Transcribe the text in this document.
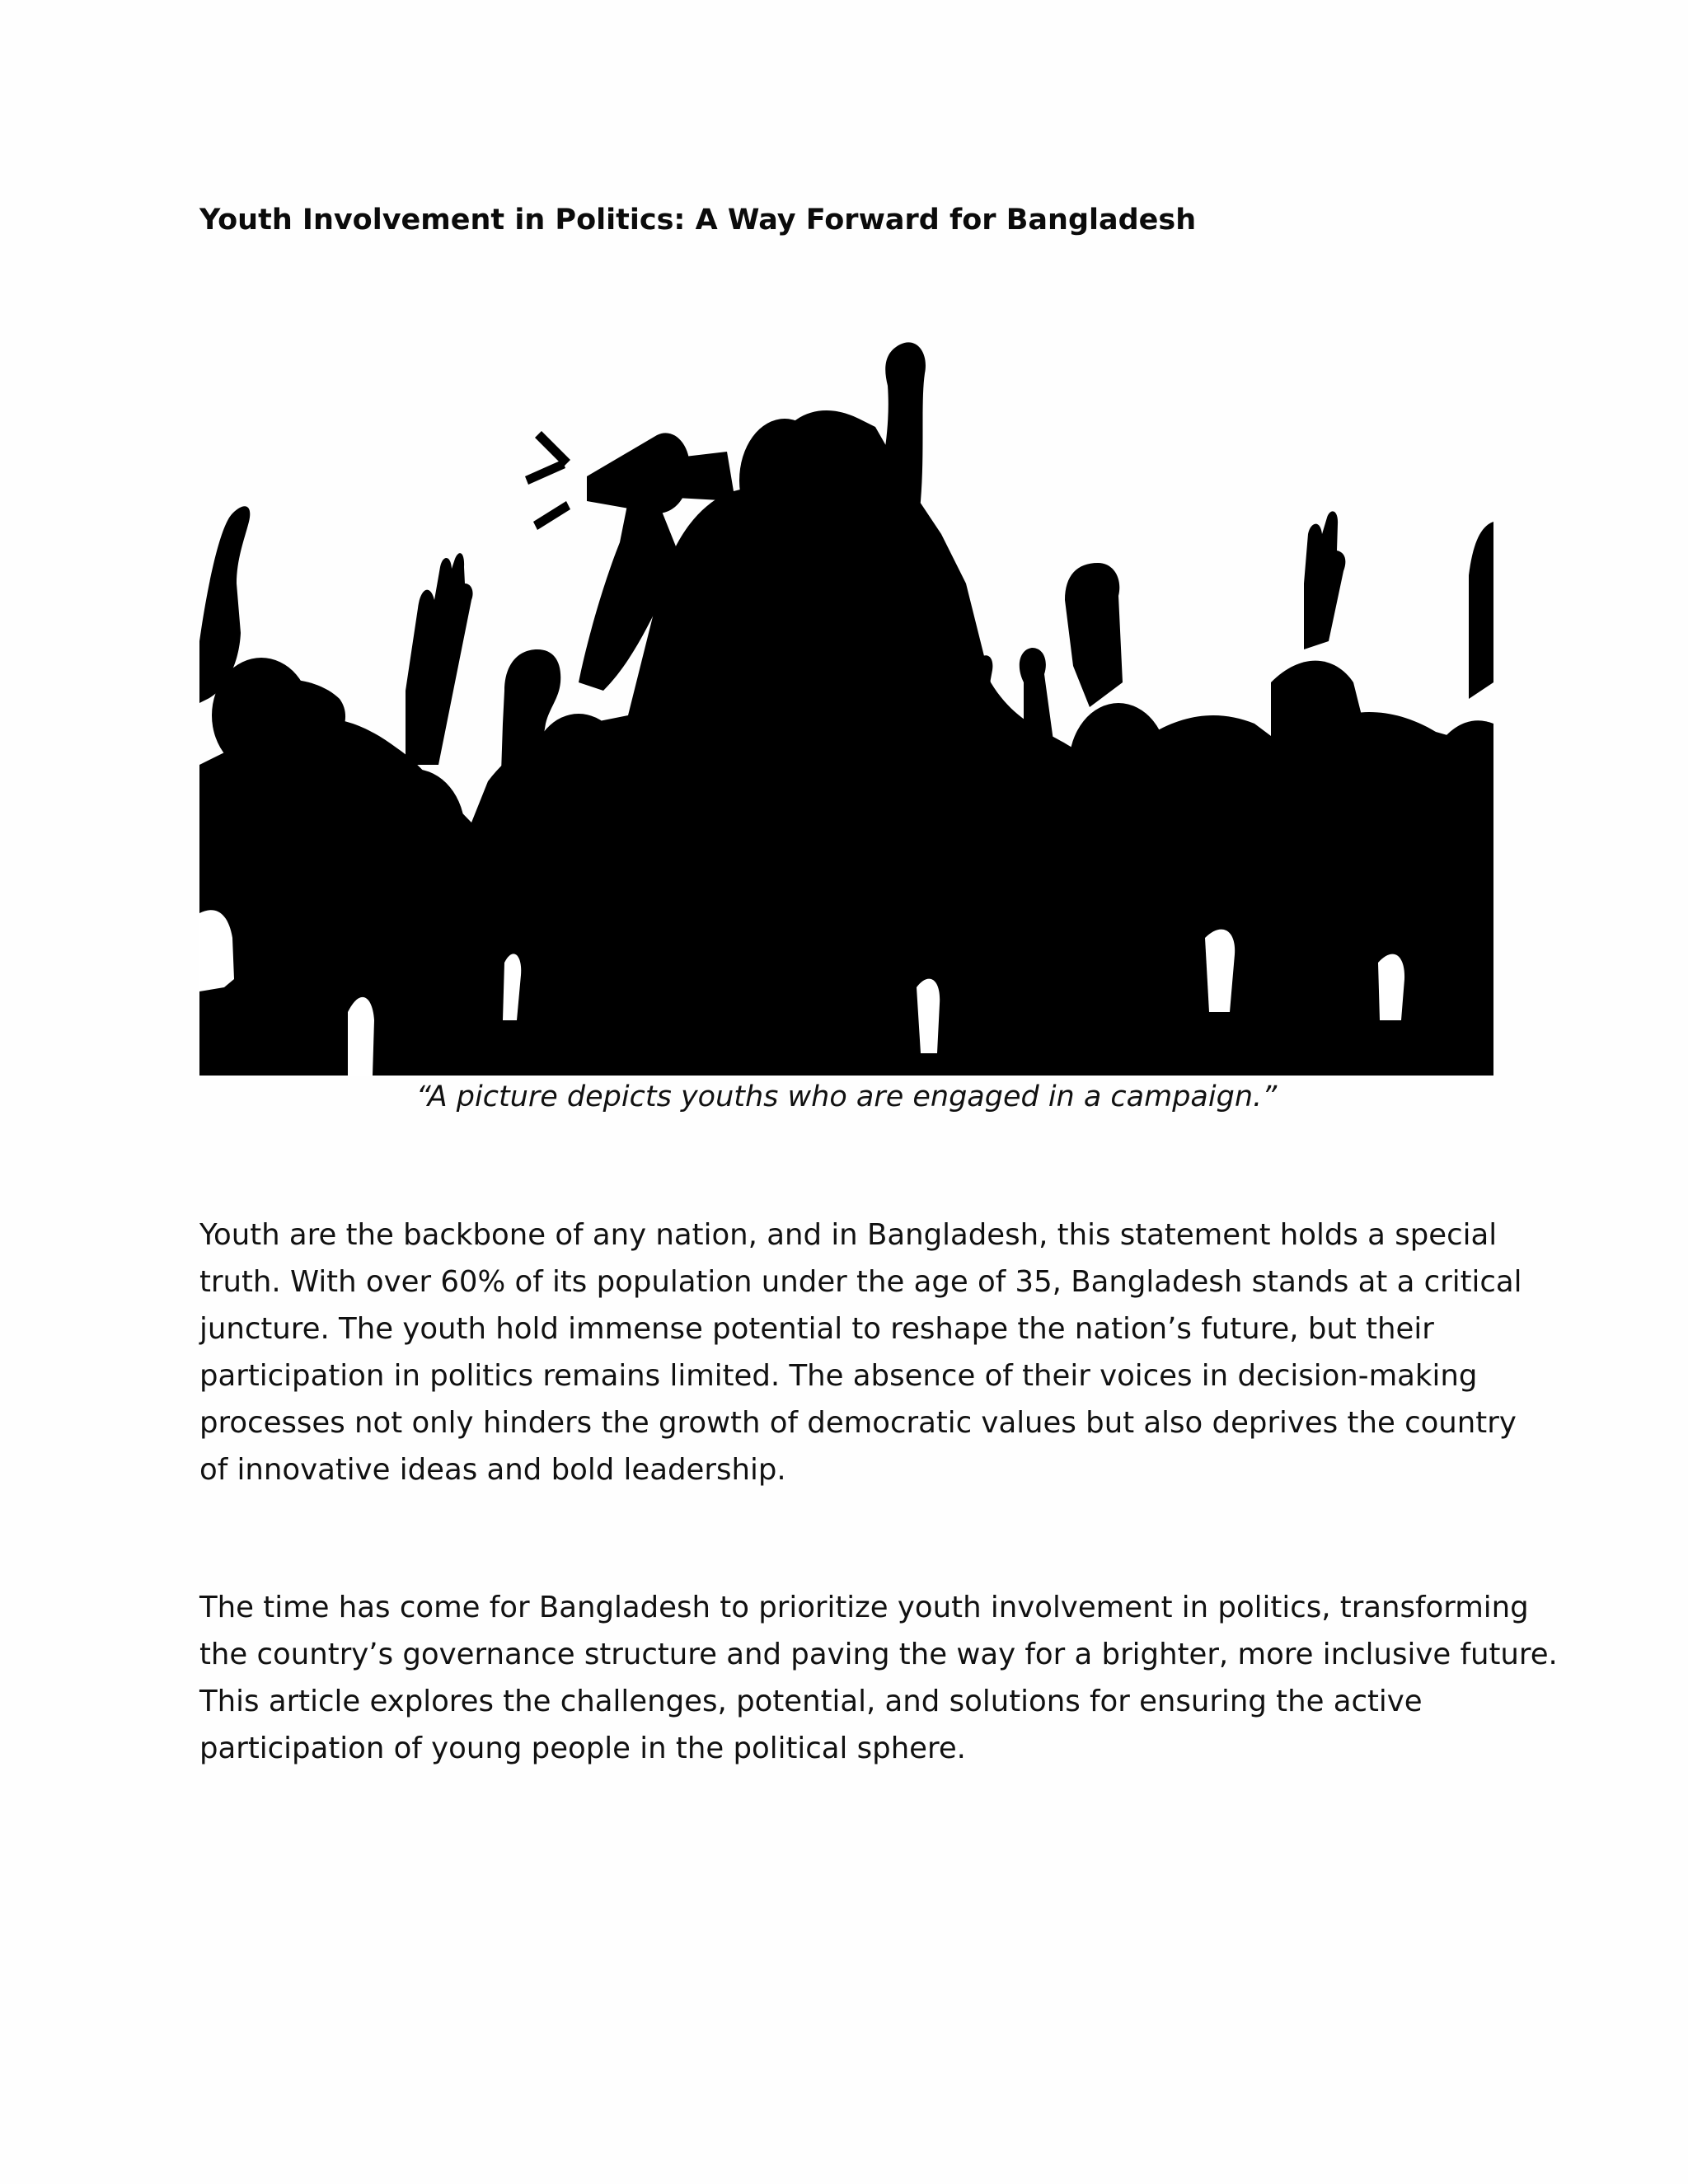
Youth Involvement in Politics: A Way Forward for Bangladesh

“A picture depicts youths who are engaged in a campaign.”

Youth are the backbone of any nation, and in Bangladesh, this statement holds a special
truth. With over 60% of its population under the age of 35, Bangladesh stands at a critical
juncture. The youth hold immense potential to reshape the nation’s future, but their
participation in politics remains limited. The absence of their voices in decision-making
processes not only hinders the growth of democratic values but also deprives the country
of innovative ideas and bold leadership.

The time has come for Bangladesh to prioritize youth involvement in politics, transforming
the country’s governance structure and paving the way for a brighter, more inclusive future.
This article explores the challenges, potential, and solutions for ensuring the active
participation of young people in the political sphere.
